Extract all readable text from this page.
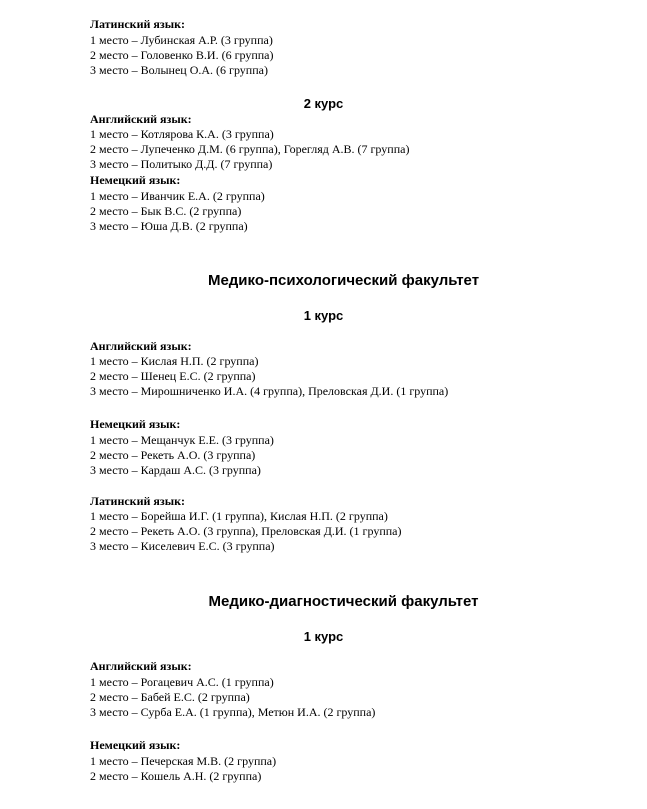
Латинский язык:
1 место – Лубинская А.Р. (3 группа)
2 место – Головенко В.И. (6 группа)
3 место – Волынец О.А. (6 группа)
2 курс
Английский язык:
1 место – Котлярова К.А. (3 группа)
2 место – Лупеченко Д.М. (6 группа), Горегляд А.В. (7 группа)
3 место – Политыко Д.Д. (7 группа)
Немецкий язык:
1 место – Иванчик Е.А. (2 группа)
2 место – Бык В.С. (2 группа)
3 место – Юша Д.В. (2 группа)
Медико-психологический факультет
1 курс
Английский язык:
1 место – Кислая Н.П. (2 группа)
2 место – Шенец Е.С. (2 группа)
3 место – Мирошниченко И.А. (4 группа), Преловская Д.И. (1 группа)
Немецкий язык:
1 место – Мещанчук Е.Е. (3 группа)
2 место – Рекеть А.О. (3 группа)
3 место – Кардаш А.С. (3 группа)
Латинский язык:
1 место – Борейша И.Г. (1 группа), Кислая Н.П. (2 группа)
2 место – Рекеть А.О. (3 группа), Преловская Д.И. (1 группа)
3 место – Киселевич Е.С. (3 группа)
Медико-диагностический факультет
1 курс
Английский язык:
1 место – Рогацевич А.С. (1 группа)
2 место – Бабей Е.С. (2 группа)
3 место – Сурба Е.А. (1 группа), Метюн И.А. (2 группа)
Немецкий язык:
1 место – Печерская М.В. (2 группа)
2 место – Кошель А.Н. (2 группа)
